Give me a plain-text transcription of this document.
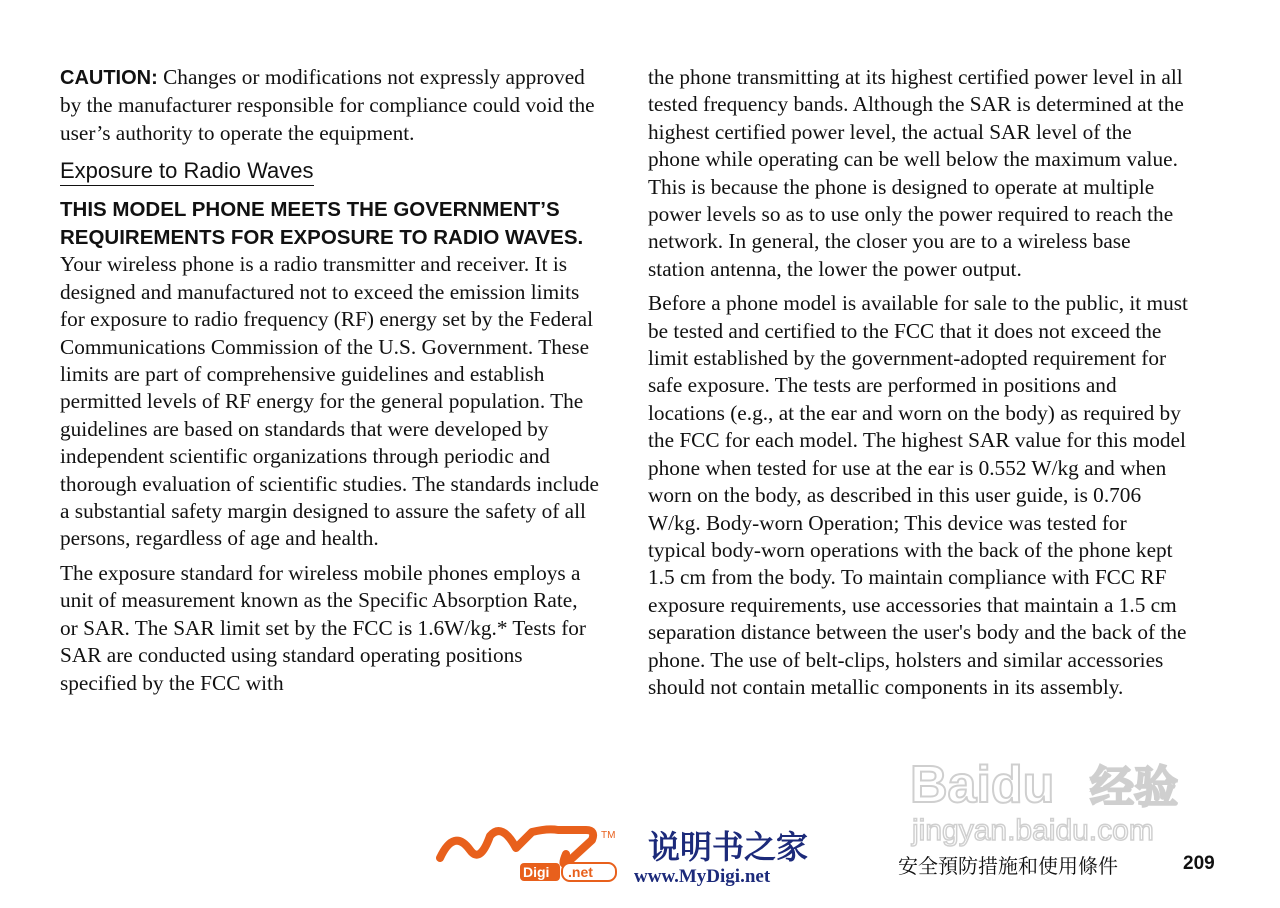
CAUTION: Changes or modifications not expressly approved by the manufacturer responsible for compliance could void the user’s authority to operate the equipment.

Exposure to Radio Waves
THIS MODEL PHONE MEETS THE GOVERNMENT’S REQUIREMENTS FOR EXPOSURE TO RADIO WAVES.

Your wireless phone is a radio transmitter and receiver. It is designed and manufactured not to exceed the emission limits for exposure to radio frequency (RF) energy set by the Federal Communications Commission of the U.S. Government. These limits are part of comprehensive guidelines and establish permitted levels of RF energy for the general population. The guidelines are based on standards that were developed by independent scientific organizations through periodic and thorough evaluation of scientific studies. The standards include a substantial safety margin designed to assure the safety of all persons, regardless of age and health.

The exposure standard for wireless mobile phones employs a unit of measurement known as the Specific Absorption Rate, or SAR. The SAR limit set by the FCC is 1.6W/kg.* Tests for SAR are conducted using standard operating positions specified by the FCC with

the phone transmitting at its highest certified power level in all tested frequency bands. Although the SAR is determined at the highest certified power level, the actual SAR level of the phone while operating can be well below the maximum value. This is because the phone is designed to operate at multiple power levels so as to use only the power required to reach the network. In general, the closer you are to a wireless base station antenna, the lower the power output.

Before a phone model is available for sale to the public, it must be tested and certified to the FCC that it does not exceed the limit established by the government-adopted requirement for safe exposure. The tests are performed in positions and locations (e.g., at the ear and worn on the body) as required by the FCC for each model. The highest SAR value for this model phone when tested for use at the ear is 0.552 W/kg and when worn on the body, as described in this user guide, is 0.706 W/kg. Body-worn Operation; This device was tested for typical body-worn operations with the back of the phone kept 1.5 cm from the body. To maintain compliance with FCC RF exposure requirements, use accessories that maintain a 1.5 cm separation distance between the user's body and the back of the phone. The use of belt-clips, holsters and similar accessories should not contain metallic components in its assembly.

Baidu 经验
jingyan.baidu.com
TM
Digi .net
说明书之家
www.MyDigi.net	安全預防措施和使用條件	209
